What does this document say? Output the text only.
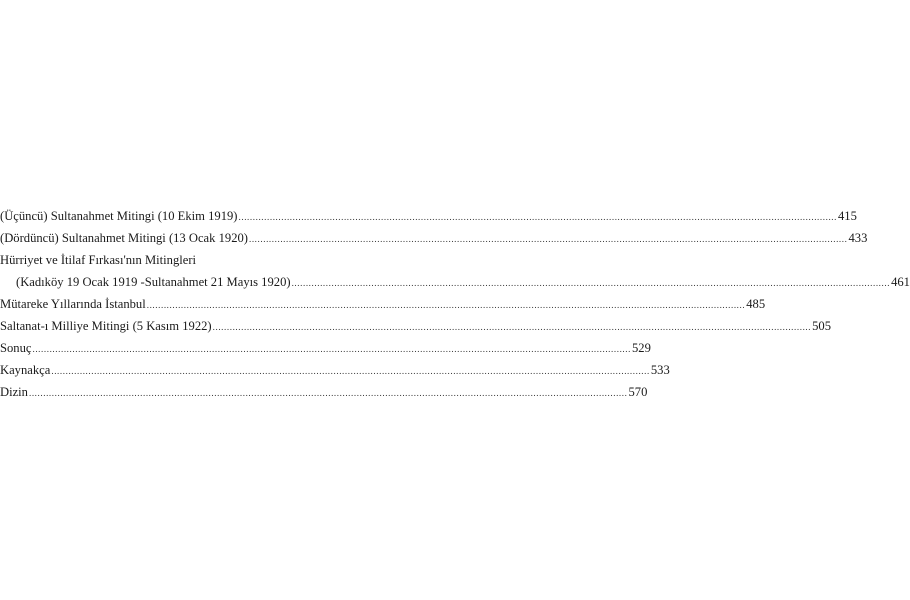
(Üçüncü) Sultanahmet Mitingi (10 Ekim 1919) .....	415
(Dördüncü) Sultanahmet Mitingi (13 Ocak 1920) .....	433
Hürriyet ve İtilaf Fırkası'nın Mitingleri
(Kadıköy 19 Ocak 1919 -Sultanahmet 21 Mayıs 1920) .....	461
Mütareke Yıllarında İstanbul .....	485
Saltanat-ı Milliye Mitingi (5 Kasım 1922) .....	505
Sonuç .....	529
Kaynakça .....	533
Dizin .....	570
